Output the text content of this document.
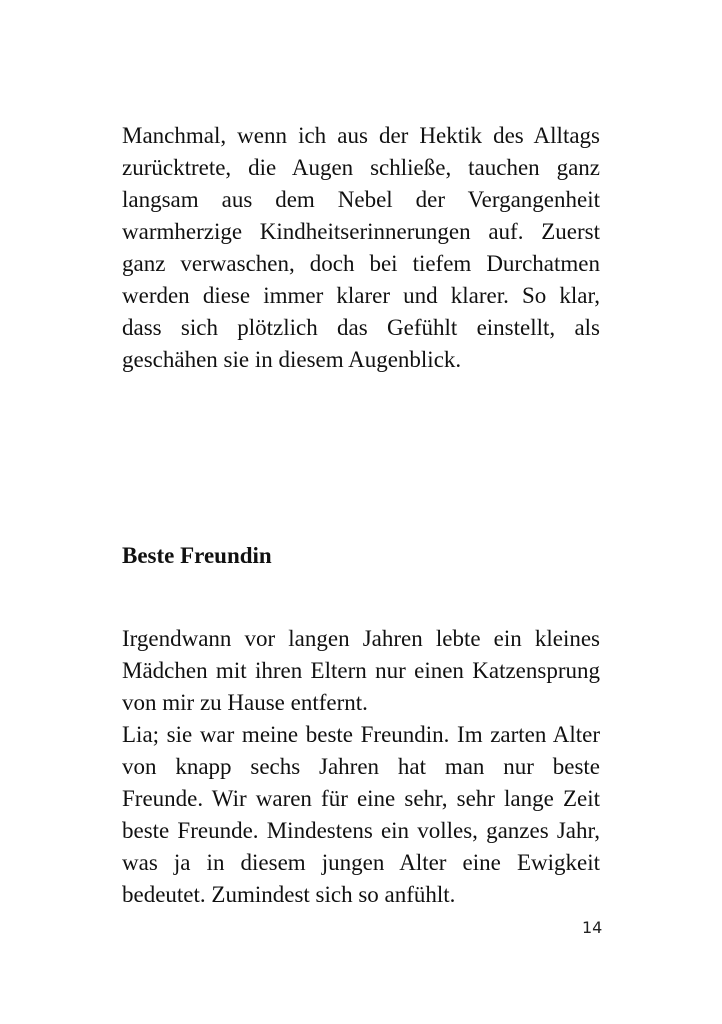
Manchmal, wenn ich aus der Hektik des Alltags
zurücktrete, die Augen schließe, tauchen ganz
langsam aus dem Nebel der Vergangenheit
warmherzige Kindheitserinnerungen auf. Zuerst
ganz verwaschen, doch bei tiefem Durchatmen
werden diese immer klarer und klarer. So klar,
dass sich plötzlich das Gefühlt einstellt, als
geschähen sie in diesem Augenblick.
Beste Freundin
Irgendwann vor langen Jahren lebte ein kleines
Mädchen mit ihren Eltern nur einen Katzensprung
von mir zu Hause entfernt.
Lia; sie war meine beste Freundin. Im zarten Alter
von knapp sechs Jahren hat man nur beste
Freunde. Wir waren für eine sehr, sehr lange Zeit
beste Freunde. Mindestens ein volles, ganzes Jahr,
was ja in diesem jungen Alter eine Ewigkeit
bedeutet. Zumindest sich so anfühlt.
14
